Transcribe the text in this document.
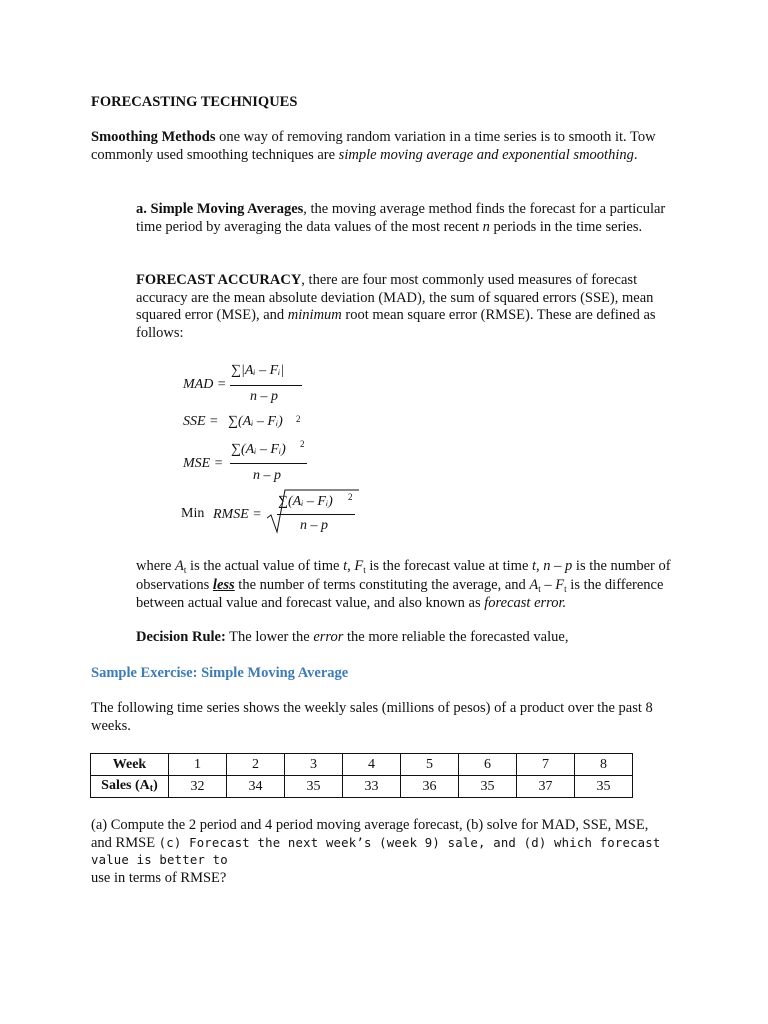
FORECASTING TECHNIQUES
Smoothing Methods one way of removing random variation in a time series is to smooth it. Tow commonly used smoothing techniques are simple moving average and exponential smoothing.
a. Simple Moving Averages, the moving average method finds the forecast for a particular time period by averaging the data values of the most recent n periods in the time series.
FORECAST ACCURACY, there are four most commonly used measures of forecast accuracy are the mean absolute deviation (MAD), the sum of squared errors (SSE), mean squared error (MSE), and minimum root mean square error (RMSE). These are defined as follows:
MAD =
∑|Aᵢ – Fᵢ|
n – p
SSE = ∑(Aᵢ – Fᵢ) $_2$
MSE =
∑(Aᵢ – Fᵢ) 2
n – p
Min RMSE =
∑(Aᵢ – Fᵢ) 2
n – p
where $A_t$ is the actual value of time t, $F_t$ is the forecast value at time t, n – p is the number of observations less the number of terms constituting the average, and $A_t - F_t$ is the difference between actual value and forecast value, and also known as forecast error.
Decision Rule: The lower the error the more reliable the forecasted value,
Sample Exercise: Simple Moving Average
The following time series shows the weekly sales (millions of pesos) of a product over the past 8 weeks.
Week	1	2	3	4	5	6	7	8
Sales (At)	32	34	35	33	36	35	37	35
(a) Compute the 2 period and 4 period moving average forecast, (b) solve for MAD, SSE, MSE,
and RMSE (c) Forecast the next week’s (week 9) sale, and (d) which forecast value is better to
use in terms of RMSE?
